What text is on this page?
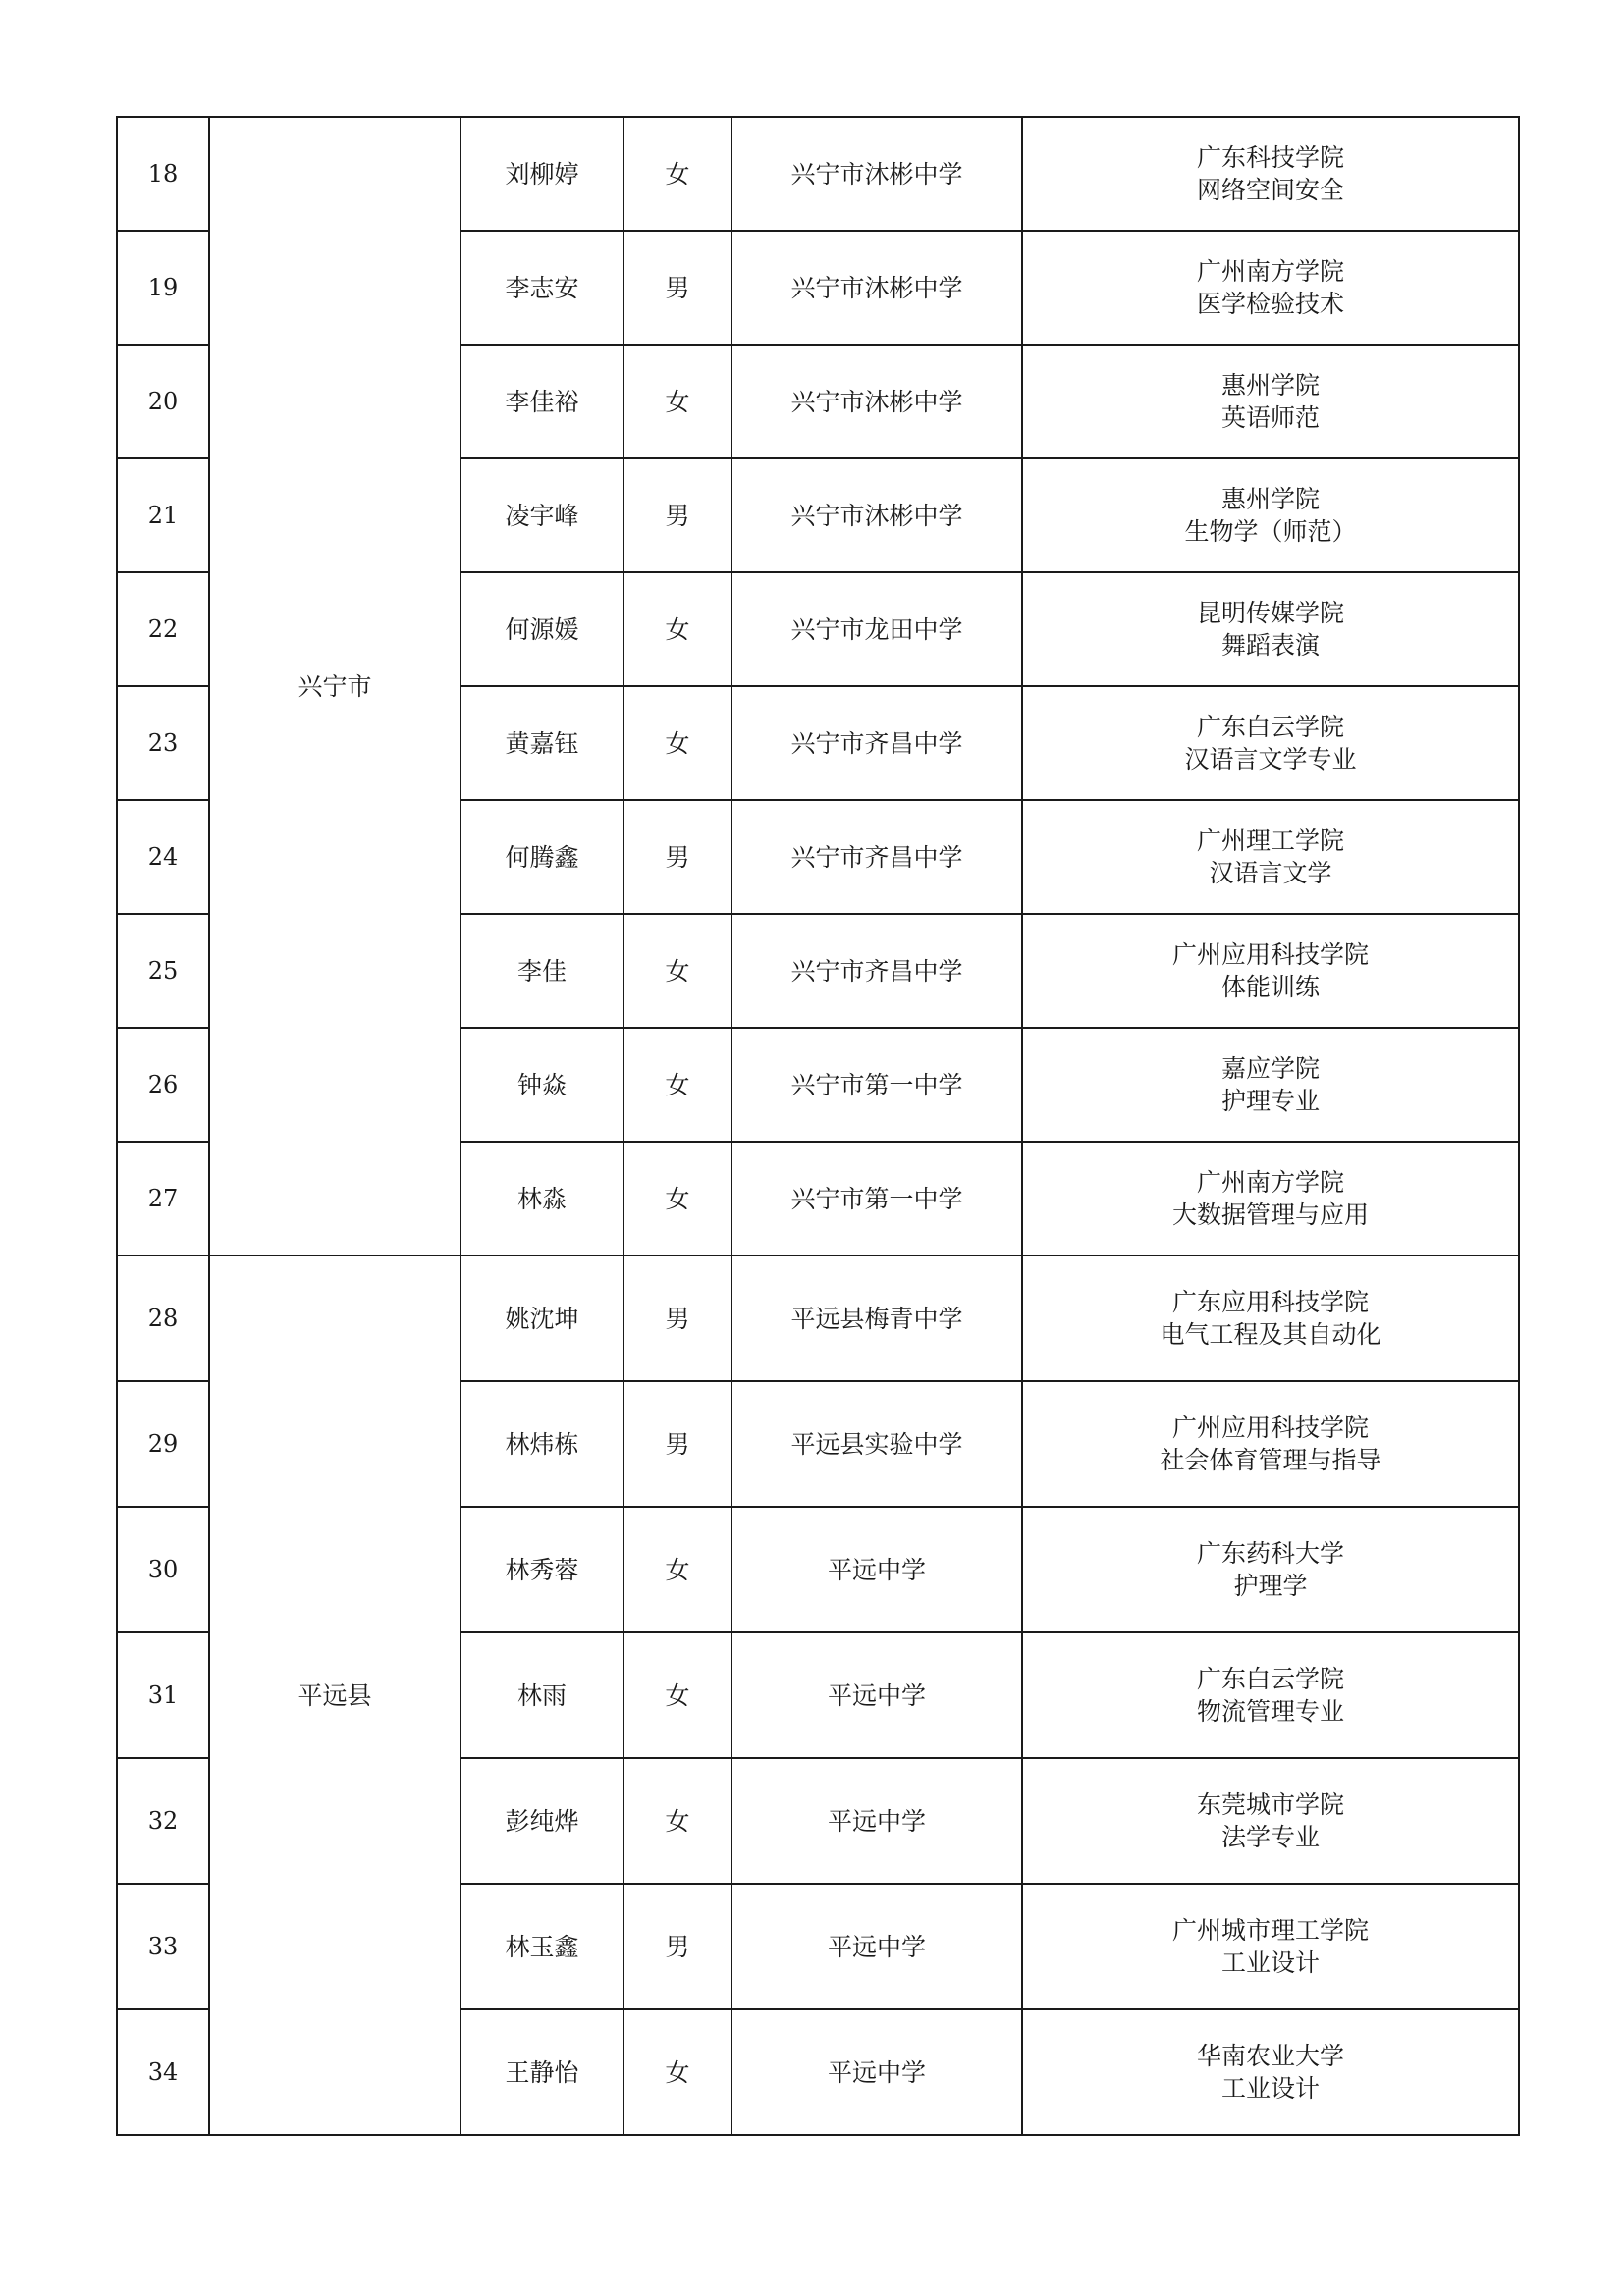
18	兴宁市	刘柳婷	女	兴宁市沐彬中学	广东科技学院
网络空间安全

19		李志安	男	兴宁市沐彬中学	广州南方学院
医学检验技术

20		李佳裕	女	兴宁市沐彬中学	惠州学院
英语师范

21		凌宇峰	男	兴宁市沐彬中学	惠州学院
生物学（师范）

22		何源媛	女	兴宁市龙田中学	昆明传媒学院
舞蹈表演

23		黄嘉钰	女	兴宁市齐昌中学	广东白云学院
汉语言文学专业

24		何腾鑫	男	兴宁市齐昌中学	广州理工学院
汉语言文学

25		李佳	女	兴宁市齐昌中学	广州应用科技学院
体能训练

26		钟焱	女	兴宁市第一中学	嘉应学院
护理专业

27		林淼	女	兴宁市第一中学	广州南方学院
大数据管理与应用

28	平远县	姚沈坤	男	平远县梅青中学	广东应用科技学院
电气工程及其自动化

29		林炜栋	男	平远县实验中学	广州应用科技学院
社会体育管理与指导

30		林秀蓉	女	平远中学	广东药科大学
护理学

31		林雨	女	平远中学	广东白云学院
物流管理专业

32		彭纯烨	女	平远中学	东莞城市学院
法学专业

33		林玉鑫	男	平远中学	广州城市理工学院
工业设计

34		王静怡	女	平远中学	华南农业大学
工业设计
